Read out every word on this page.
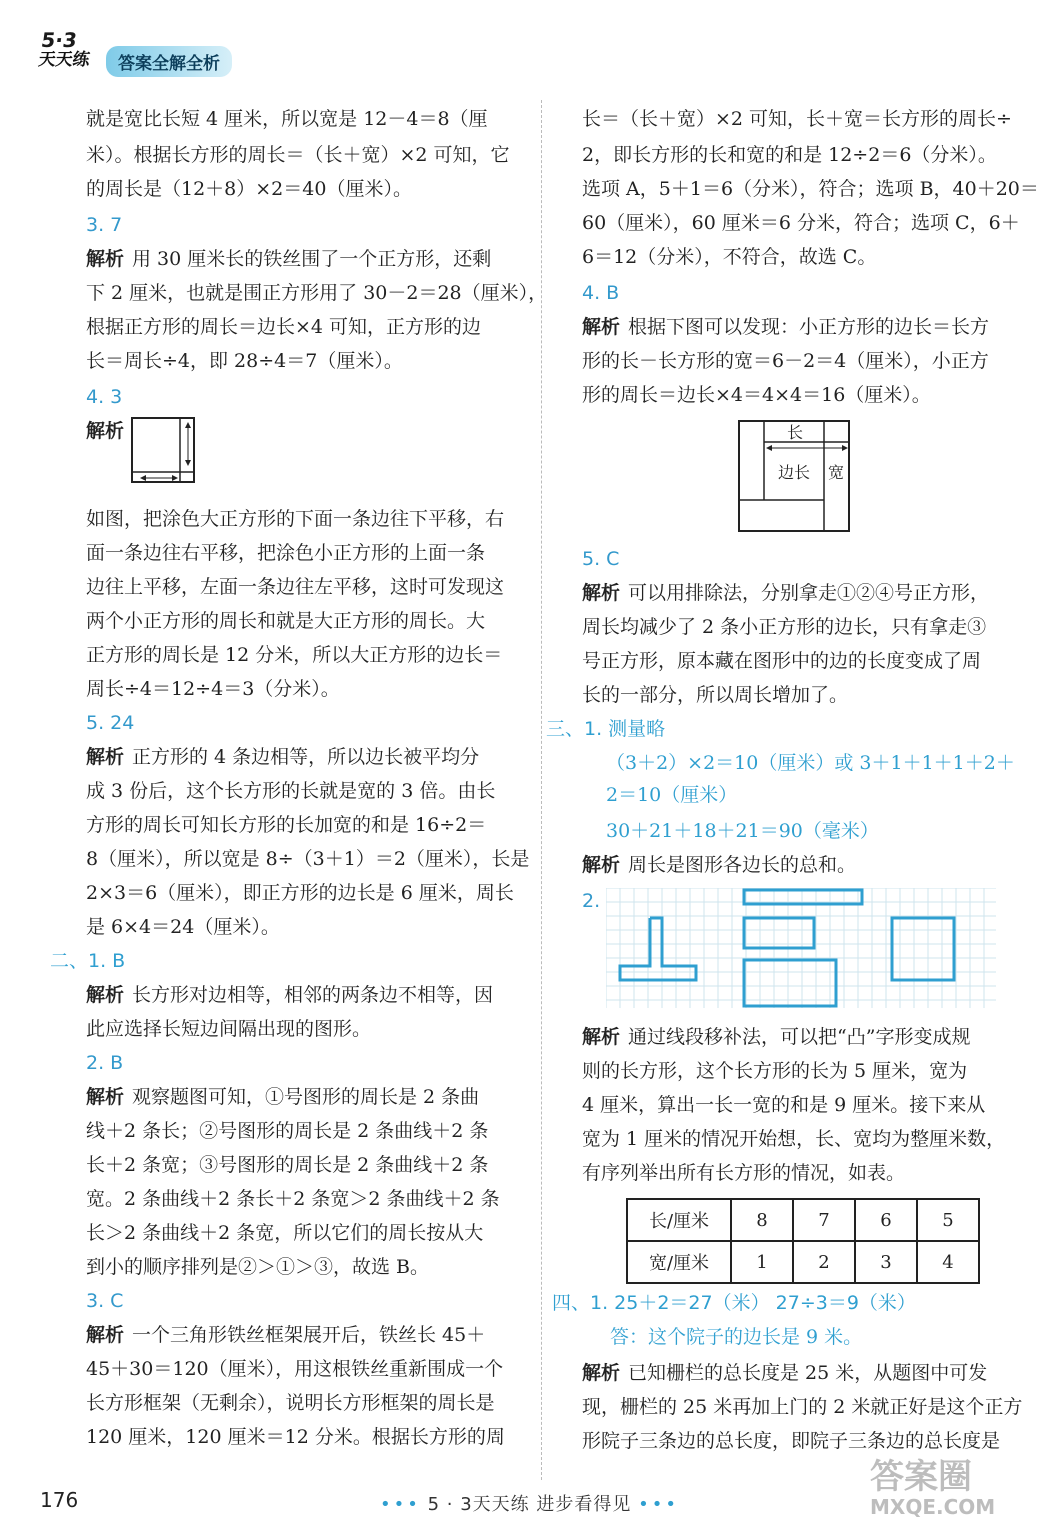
5·3
天天练	答案全解全析
就是宽比长短 4 厘米，所以宽是 12－4＝8（厘
米）。根据长方形的周长＝（长＋宽）×2 可知，它
的周长是（12＋8）×2＝40（厘米）。
3. 7
解析 用 30 厘米长的铁丝围了一个正方形，还剩
下 2 厘米，也就是围正方形用了 30－2＝28（厘米），
根据正方形的周长＝边长×4 可知，正方形的边
长＝周长÷4，即 28÷4＝7（厘米）。
4. 3
解析
如图，把涂色大正方形的下面一条边往下平移，右
面一条边往右平移，把涂色小正方形的上面一条
边往上平移，左面一条边往左平移，这时可发现这
两个小正方形的周长和就是大正方形的周长。大
正方形的周长是 12 分米，所以大正方形的边长＝
周长÷4＝12÷4＝3（分米）。
5. 24
解析 正方形的 4 条边相等，所以边长被平均分
成 3 份后，这个长方形的长就是宽的 3 倍。由长
方形的周长可知长方形的长加宽的和是 16÷2＝
8（厘米），所以宽是 8÷（3＋1）＝2（厘米），长是
2×3＝6（厘米），即正方形的边长是 6 厘米，周长
是 6×4＝24（厘米）。
二、1. B
解析 长方形对边相等，相邻的两条边不相等，因
此应选择长短边间隔出现的图形。
2. B
解析 观察题图可知，①号图形的周长是 2 条曲
线＋2 条长；②号图形的周长是 2 条曲线＋2 条
长＋2 条宽；③号图形的周长是 2 条曲线＋2 条
宽。2 条曲线＋2 条长＋2 条宽＞2 条曲线＋2 条
长＞2 条曲线＋2 条宽，所以它们的周长按从大
到小的顺序排列是②＞①＞③，故选 B。
3. C
解析 一个三角形铁丝框架展开后，铁丝长 45＋
45＋30＝120（厘米），用这根铁丝重新围成一个
长方形框架（无剩余），说明长方形框架的周长是
120 厘米，120 厘米＝12 分米。根据长方形的周
长＝（长＋宽）×2 可知，长＋宽＝长方形的周长÷
2，即长方形的长和宽的和是 12÷2＝6（分米）。
选项 A，5＋1＝6（分米），符合；选项 B，40＋20＝
60（厘米），60 厘米＝6 分米，符合；选项 C，6＋
6＝12（分米），不符合，故选 C。
4. B
解析 根据下图可以发现：小正方形的边长＝长方
形的长－长方形的宽＝6－2＝4（厘米），小正方
形的周长＝边长×4＝4×4＝16（厘米）。
长
边长 宽
5. C
解析 可以用排除法，分别拿走①②④号正方形，
周长均减少了 2 条小正方形的边长，只有拿走③
号正方形，原本藏在图形中的边的长度变成了周
长的一部分，所以周长增加了。
三、1. 测量略
（3＋2）×2＝10（厘米）或 3＋1＋1＋1＋2＋
2＝10（厘米）
30＋21＋18＋21＝90（毫米）
解析 周长是图形各边长的总和。
2.
解析 通过线段移补法，可以把“凸”字形变成规
则的长方形，这个长方形的长为 5 厘米，宽为
4 厘米，算出一长一宽的和是 9 厘米。接下来从
宽为 1 厘米的情况开始想，长、宽均为整厘米数，
有序列举出所有长方形的情况，如表。
长/厘米	8	7	6	5
宽/厘米	1	2	3	4
四、1. 25＋2＝27（米） 27÷3＝9（米）
答：这个院子的边长是 9 米。
解析 已知栅栏的总长度是 25 米，从题图中可发
现，栅栏的 25 米再加上门的 2 米就正好是这个正方
形院子三条边的总长度，即院子三条边的总长度是
176	••• 5 · 3天天练 进步看得见 •••
答案圈
MXQE.COM
